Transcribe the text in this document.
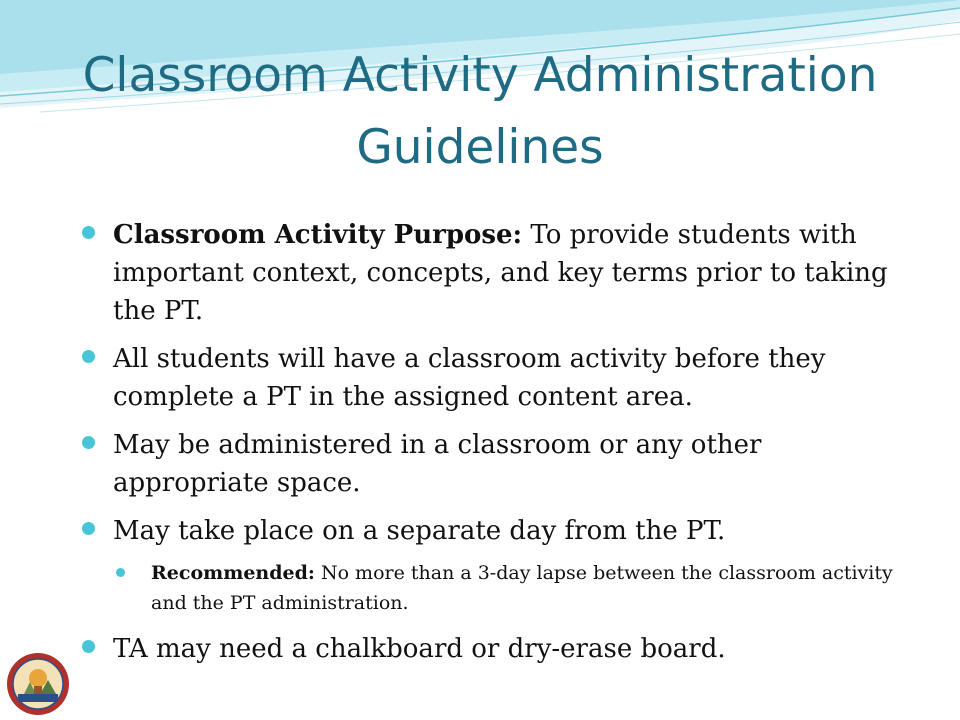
Classroom Activity Administration
Guidelines
Classroom Activity Purpose: To provide students with important context, concepts, and key terms prior to taking the PT.
All students will have a classroom activity before they complete a PT in the assigned content area.
May be administered in a classroom or any other appropriate space.
May take place on a separate day from the PT.
Recommended: No more than a 3-day lapse between the classroom activity and the PT administration.
TA may need a chalkboard or dry-erase board.
